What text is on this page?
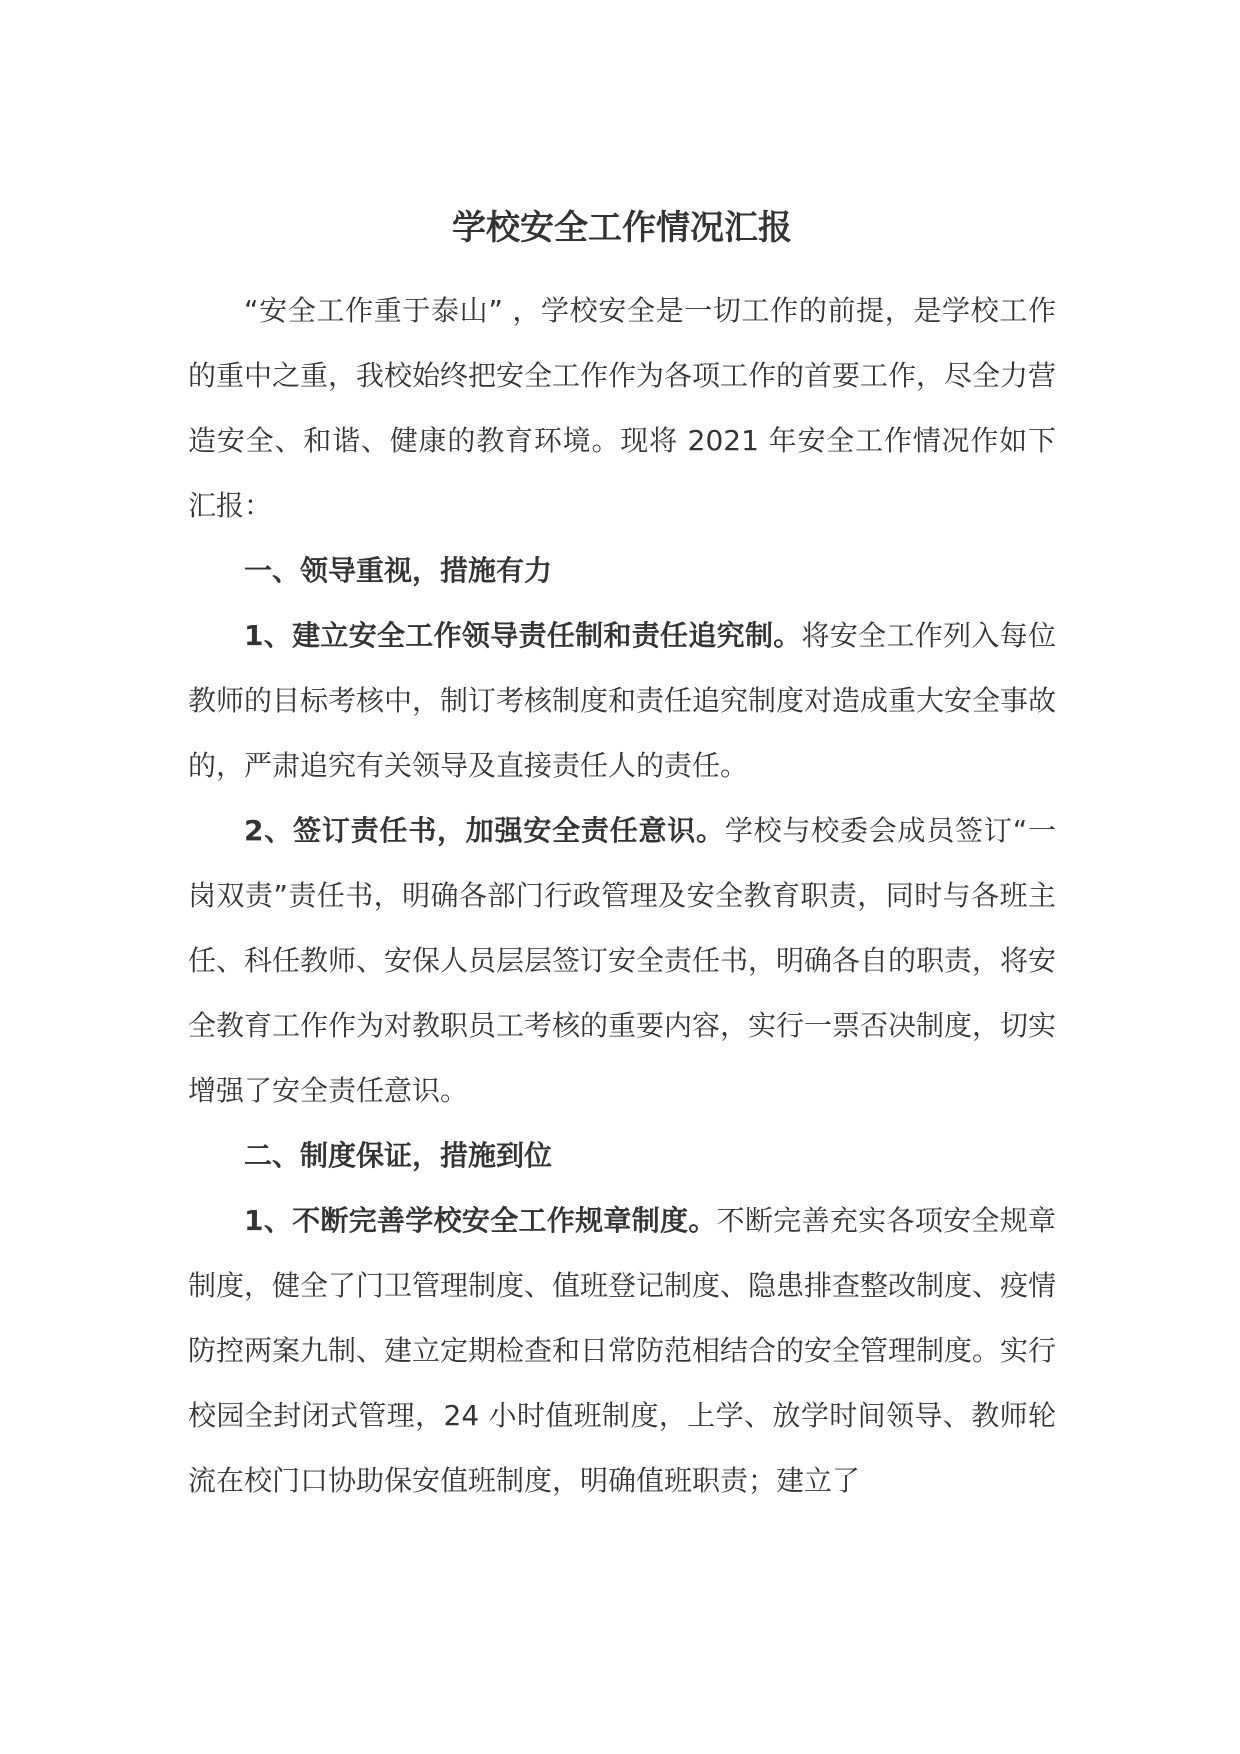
学校安全工作情况汇报

“安全工作重于泰山” ，学校安全是一切工作的前提，是学校工作的重中之重，我校始终把安全工作作为各项工作的首要工作，尽全力营造安全、和谐、健康的教育环境。现将 2021 年安全工作情况作如下汇报：

一、领导重视，措施有力

1、建立安全工作领导责任制和责任追究制。将安全工作列入每位教师的目标考核中，制订考核制度和责任追究制度对造成重大安全事故的，严肃追究有关领导及直接责任人的责任。

2、签订责任书，加强安全责任意识。学校与校委会成员签订“一岗双责”责任书，明确各部门行政管理及安全教育职责，同时与各班主任、科任教师、安保人员层层签订安全责任书，明确各自的职责，将安全教育工作作为对教职员工考核的重要内容，实行一票否决制度，切实增强了安全责任意识。

二、制度保证，措施到位

1、不断完善学校安全工作规章制度。不断完善充实各项安全规章制度，健全了门卫管理制度、值班登记制度、隐患排查整改制度、疫情防控两案九制、建立定期检查和日常防范相结合的安全管理制度。实行校园全封闭式管理，24 小时值班制度，上学、放学时间领导、教师轮流在校门口协助保安值班制度，明确值班职责；建立了
